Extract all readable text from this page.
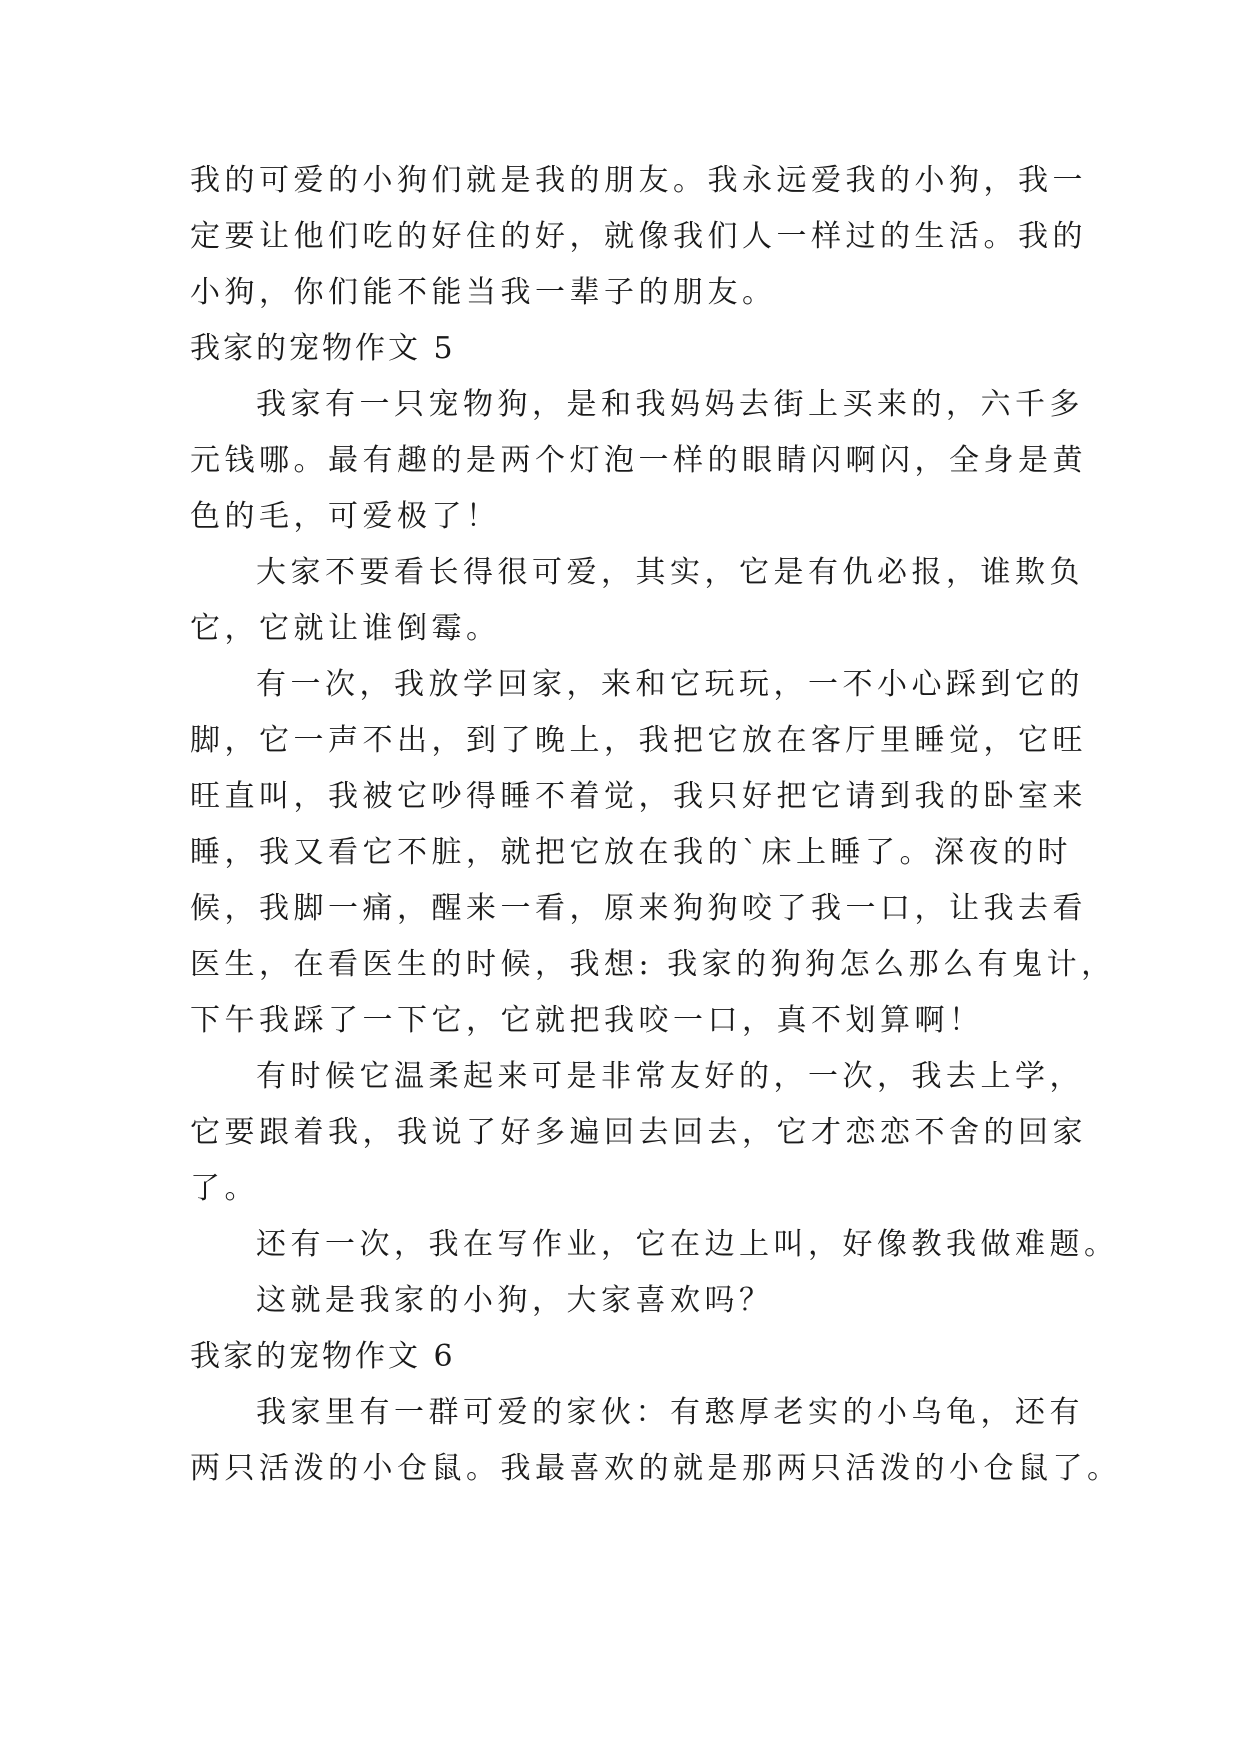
我的可爱的小狗们就是我的朋友。我永远爱我的小狗，我一
定要让他们吃的好住的好，就像我们人一样过的生活。我的
小狗，你们能不能当我一辈子的朋友。
我家的宠物作文 5
我家有一只宠物狗，是和我妈妈去街上买来的，六千多
元钱哪。最有趣的是两个灯泡一样的眼睛闪啊闪，全身是黄
色的毛，可爱极了！
大家不要看长得很可爱，其实，它是有仇必报，谁欺负
它，它就让谁倒霉。
有一次，我放学回家，来和它玩玩，一不小心踩到它的
脚，它一声不出，到了晚上，我把它放在客厅里睡觉，它旺
旺直叫，我被它吵得睡不着觉，我只好把它请到我的卧室来
睡，我又看它不脏，就把它放在我的`床上睡了。深夜的时
候，我脚一痛，醒来一看，原来狗狗咬了我一口，让我去看
医生，在看医生的时候，我想: 我家的狗狗怎么那么有鬼计，
下午我踩了一下它，它就把我咬一口，真不划算啊！
有时候它温柔起来可是非常友好的，一次，我去上学，
它要跟着我，我说了好多遍回去回去，它才恋恋不舍的回家
了。
还有一次，我在写作业，它在边上叫，好像教我做难题。
这就是我家的小狗，大家喜欢吗？
我家的宠物作文 6
我家里有一群可爱的家伙：有憨厚老实的小乌龟，还有
两只活泼的小仓鼠。我最喜欢的就是那两只活泼的小仓鼠了。
